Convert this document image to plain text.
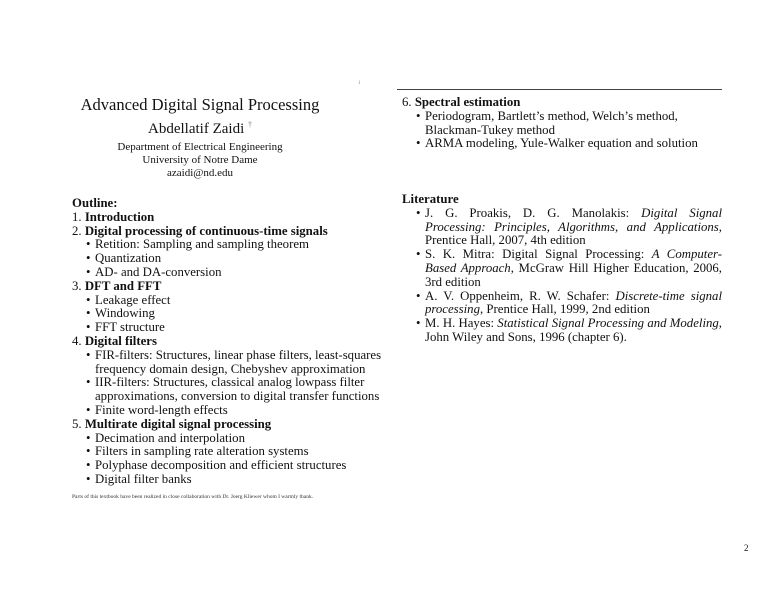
1
Advanced Digital Signal Processing
Abdellatif Zaidi †
Department of Electrical Engineering
University of Notre Dame
azaidi@nd.edu
Outline:
1. Introduction
2. Digital processing of continuous-time signals
• Retition: Sampling and sampling theorem
• Quantization
• AD- and DA-conversion
3. DFT and FFT
• Leakage effect
• Windowing
• FFT structure
4. Digital filters
• FIR-filters: Structures, linear phase filters, least-squares frequency domain design, Chebyshev approximation
• IIR-filters: Structures, classical analog lowpass filter approximations, conversion to digital transfer functions
• Finite word-length effects
5. Multirate digital signal processing
• Decimation and interpolation
• Filters in sampling rate alteration systems
• Polyphase decomposition and efficient structures
• Digital filter banks
Parts of this textbook have been realized in close collaboration with Dr. Joerg Kliewer whom I warmly thank.
6. Spectral estimation
• Periodogram, Bartlett’s method, Welch’s method, Blackman-Tukey method
• ARMA modeling, Yule-Walker equation and solution
Literature
• J. G. Proakis, D. G. Manolakis: Digital Signal Processing: Principles, Algorithms, and Applications, Prentice Hall, 2007, 4th edition
• S. K. Mitra: Digital Signal Processing: A Computer-Based Approach, McGraw Hill Higher Education, 2006, 3rd edition
• A. V. Oppenheim, R. W. Schafer: Discrete-time signal processing, Prentice Hall, 1999, 2nd edition
• M. H. Hayes: Statistical Signal Processing and Modeling, John Wiley and Sons, 1996 (chapter 6).
2
